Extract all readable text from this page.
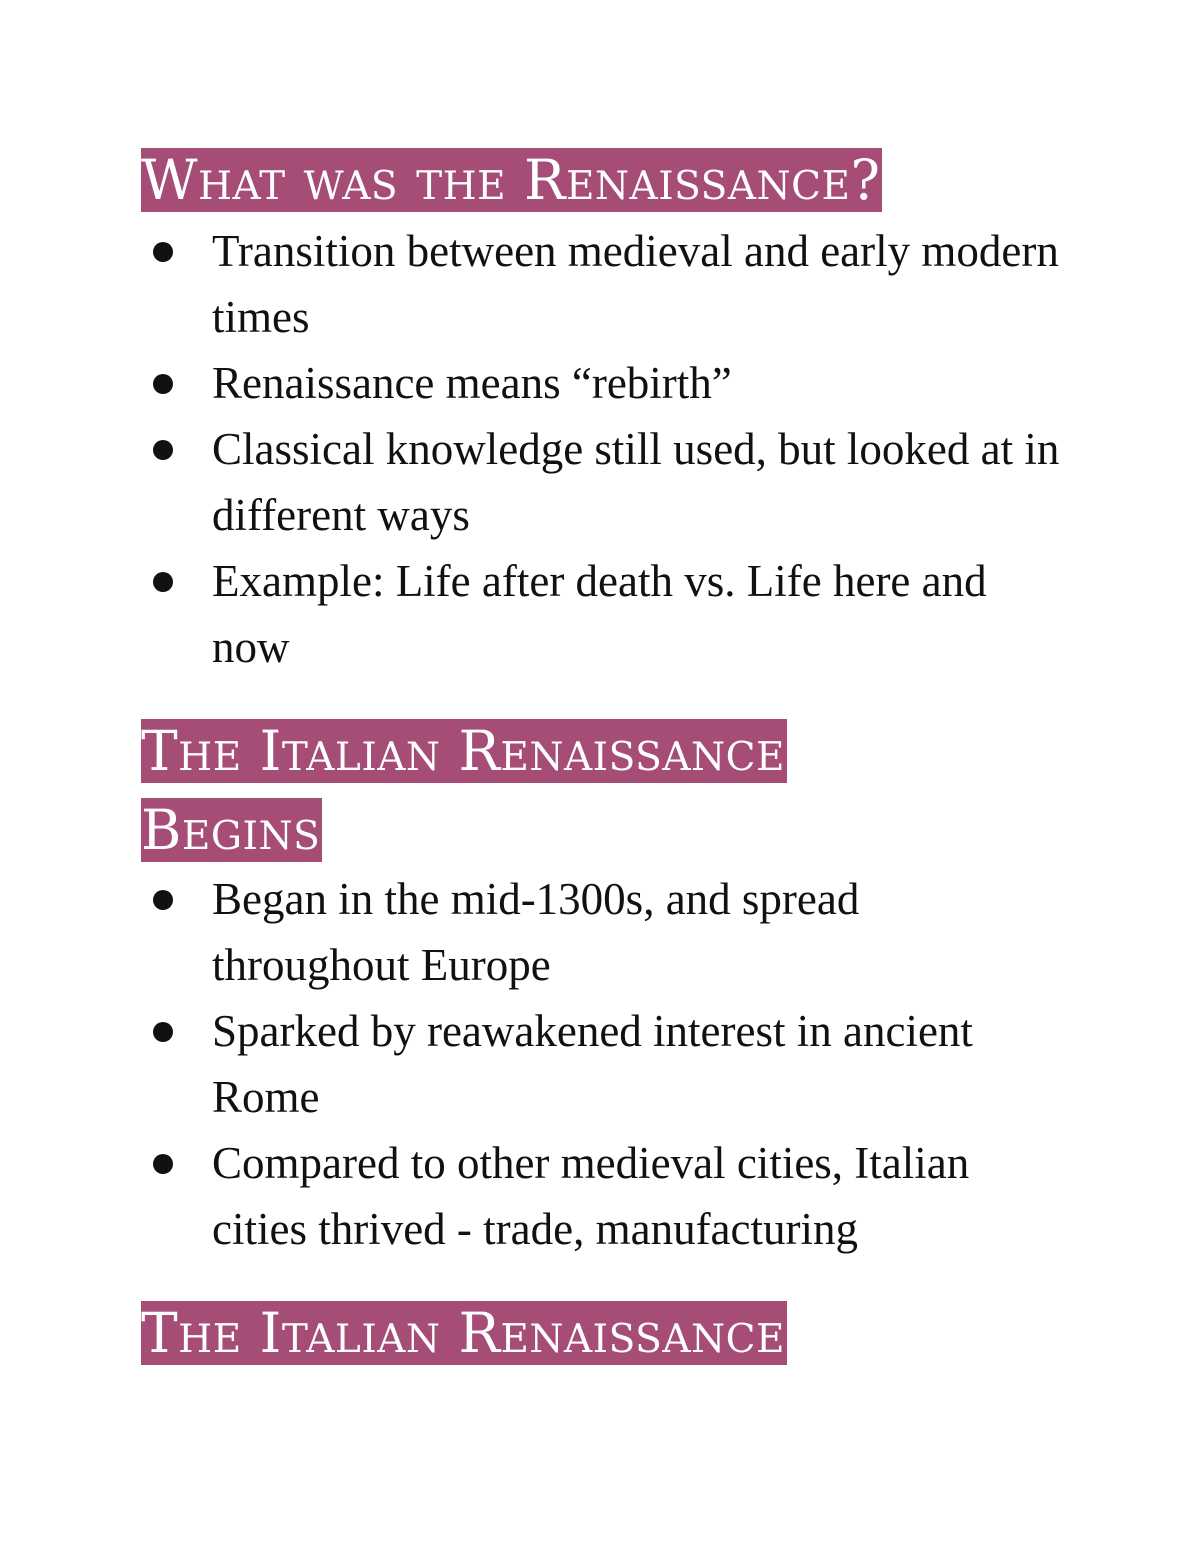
What was the Renaissance?
Transition between medieval and early modern times
Renaissance means “rebirth”
Classical knowledge still used, but looked at in different ways
Example: Life after death vs. Life here and now
The Italian Renaissance Begins
Began in the mid-1300s, and spread throughout Europe
Sparked by reawakened interest in ancient Rome
Compared to other medieval cities, Italian cities thrived - trade, manufacturing
The Italian Renaissance
